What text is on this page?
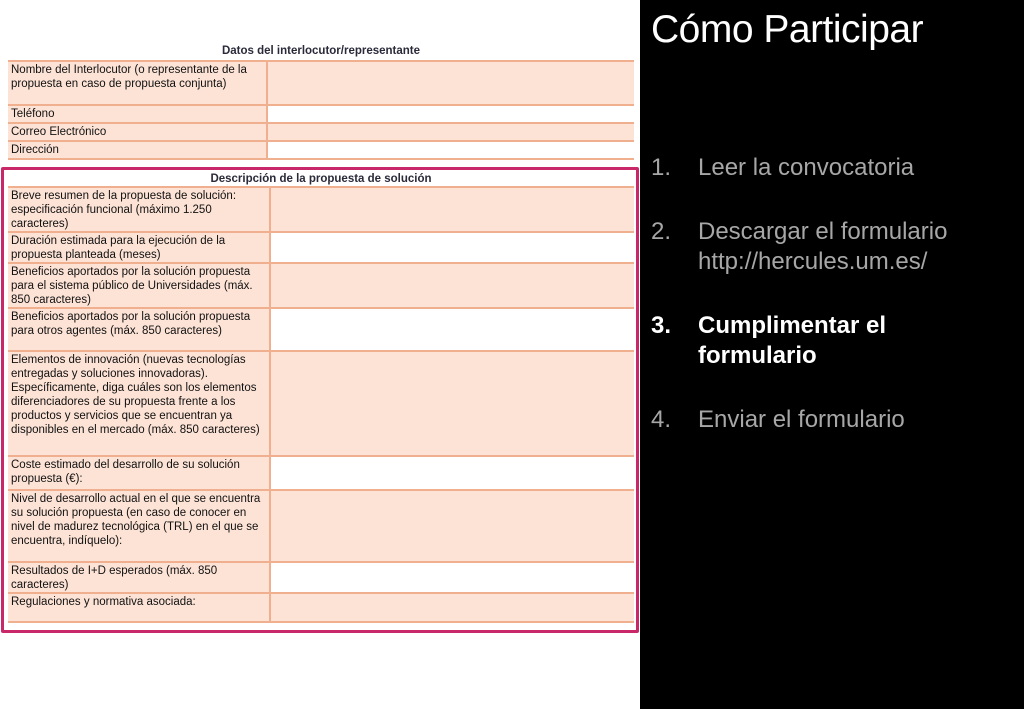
Datos del interlocutor/representante
Nombre del Interlocutor (o representante de la propuesta en caso de propuesta conjunta)	
Teléfono	
Correo Electrónico	
Dirección	
Descripción de la propuesta de solución
Breve resumen de la propuesta de solución: especificación funcional (máximo 1.250 caracteres)	
Duración estimada para la ejecución de la propuesta planteada (meses)	
Beneficios aportados por la solución propuesta para el sistema público de Universidades (máx. 850 caracteres)	
Beneficios aportados por la solución propuesta para otros agentes (máx. 850 caracteres)	
Elementos de innovación (nuevas tecnologías entregadas y soluciones innovadoras). Específicamente, diga cuáles son los elementos diferenciadores de su propuesta frente a los productos y servicios que se encuentran ya disponibles en el mercado (máx. 850 caracteres)	
Coste estimado del desarrollo de su solución propuesta (€):	
Nivel de desarrollo actual en el que se encuentra su solución propuesta (en caso de conocer en nivel de madurez tecnológica (TRL) en el que se encuentra, indíquelo):	
Resultados de I+D esperados (máx. 850 caracteres)	
Regulaciones y normativa asociada:	
Cómo Participar
1.	Leer la convocatoria
2.	Descargar el formulario
http://hercules.um.es/
3.	Cumplimentar el formulario
4.	Enviar el formulario
